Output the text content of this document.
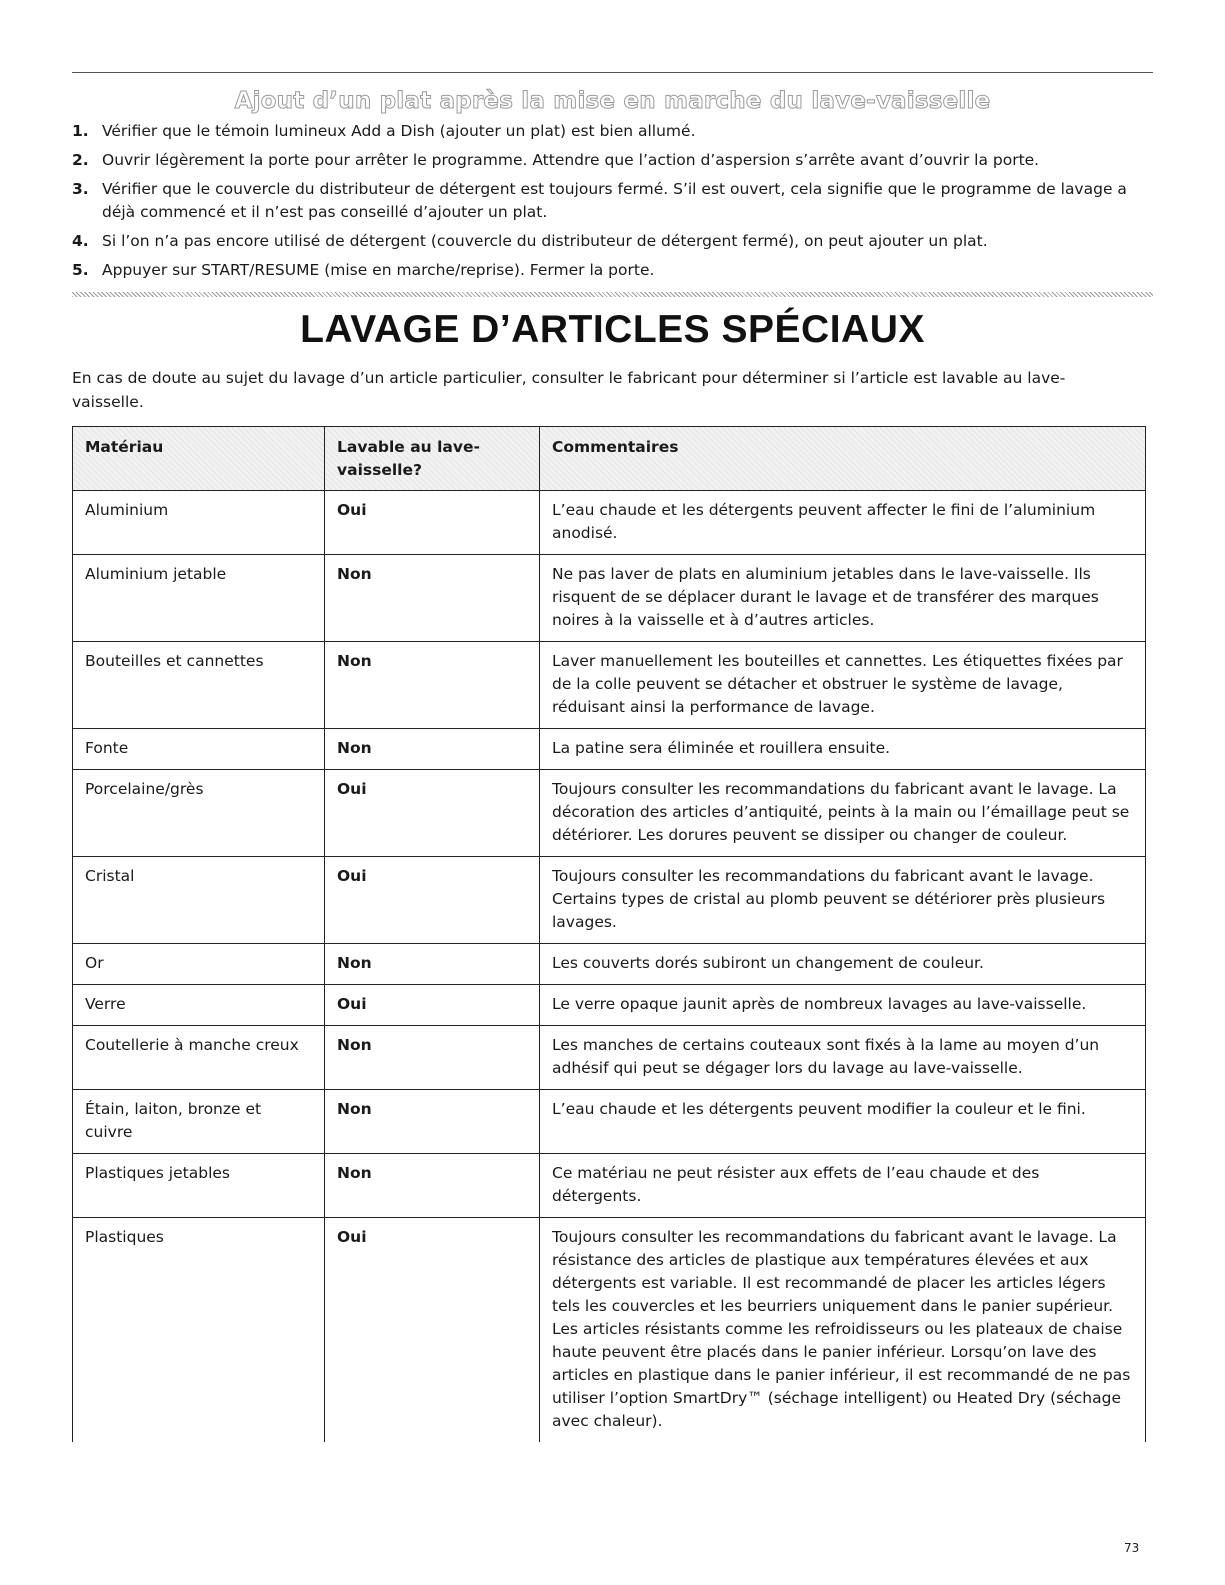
Ajout d’un plat après la mise en marche du lave-vaisselle
1. Vérifier que le témoin lumineux Add a Dish (ajouter un plat) est bien allumé.
2. Ouvrir légèrement la porte pour arrêter le programme. Attendre que l’action d’aspersion s’arrête avant d’ouvrir la porte.
3. Vérifier que le couvercle du distributeur de détergent est toujours fermé. S’il est ouvert, cela signifie que le programme de lavage a déjà commencé et il n’est pas conseillé d’ajouter un plat.
4. Si l’on n’a pas encore utilisé de détergent (couvercle du distributeur de détergent fermé), on peut ajouter un plat.
5. Appuyer sur START/RESUME (mise en marche/reprise). Fermer la porte.
LAVAGE D’ARTICLES SPÉCIAUX

En cas de doute au sujet du lavage d’un article particulier, consulter le fabricant pour déterminer si l’article est lavable au lave-vaisselle.

Matériau	Lavable au lave-vaisselle?	Commentaires
Aluminium	Oui	L’eau chaude et les détergents peuvent affecter le fini de l’aluminium anodisé.
Aluminium jetable	Non	Ne pas laver de plats en aluminium jetables dans le lave-vaisselle. Ils risquent de se déplacer durant le lavage et de transférer des marques noires à la vaisselle et à d’autres articles.
Bouteilles et cannettes	Non	Laver manuellement les bouteilles et cannettes. Les étiquettes fixées par de la colle peuvent se détacher et obstruer le système de lavage, réduisant ainsi la performance de lavage.
Fonte	Non	La patine sera éliminée et rouillera ensuite.
Porcelaine/grès	Oui	Toujours consulter les recommandations du fabricant avant le lavage. La décoration des articles d’antiquité, peints à la main ou l’émaillage peut se détériorer. Les dorures peuvent se dissiper ou changer de couleur.
Cristal	Oui	Toujours consulter les recommandations du fabricant avant le lavage. Certains types de cristal au plomb peuvent se détériorer près plusieurs lavages.
Or	Non	Les couverts dorés subiront un changement de couleur.
Verre	Oui	Le verre opaque jaunit après de nombreux lavages au lave-vaisselle.
Coutellerie à manche creux	Non	Les manches de certains couteaux sont fixés à la lame au moyen d’un adhésif qui peut se dégager lors du lavage au lave-vaisselle.
Étain, laiton, bronze et cuivre	Non	L’eau chaude et les détergents peuvent modifier la couleur et le fini.
Plastiques jetables	Non	Ce matériau ne peut résister aux effets de l’eau chaude et des détergents.
Plastiques	Oui	Toujours consulter les recommandations du fabricant avant le lavage. La résistance des articles de plastique aux températures élevées et aux détergents est variable. Il est recommandé de placer les articles légers tels les couvercles et les beurriers uniquement dans le panier supérieur. Les articles résistants comme les refroidisseurs ou les plateaux de chaise haute peuvent être placés dans le panier inférieur. Lorsqu’on lave des articles en plastique dans le panier inférieur, il est recommandé de ne pas utiliser l’option SmartDry™ (séchage intelligent) ou Heated Dry (séchage avec chaleur).
73
